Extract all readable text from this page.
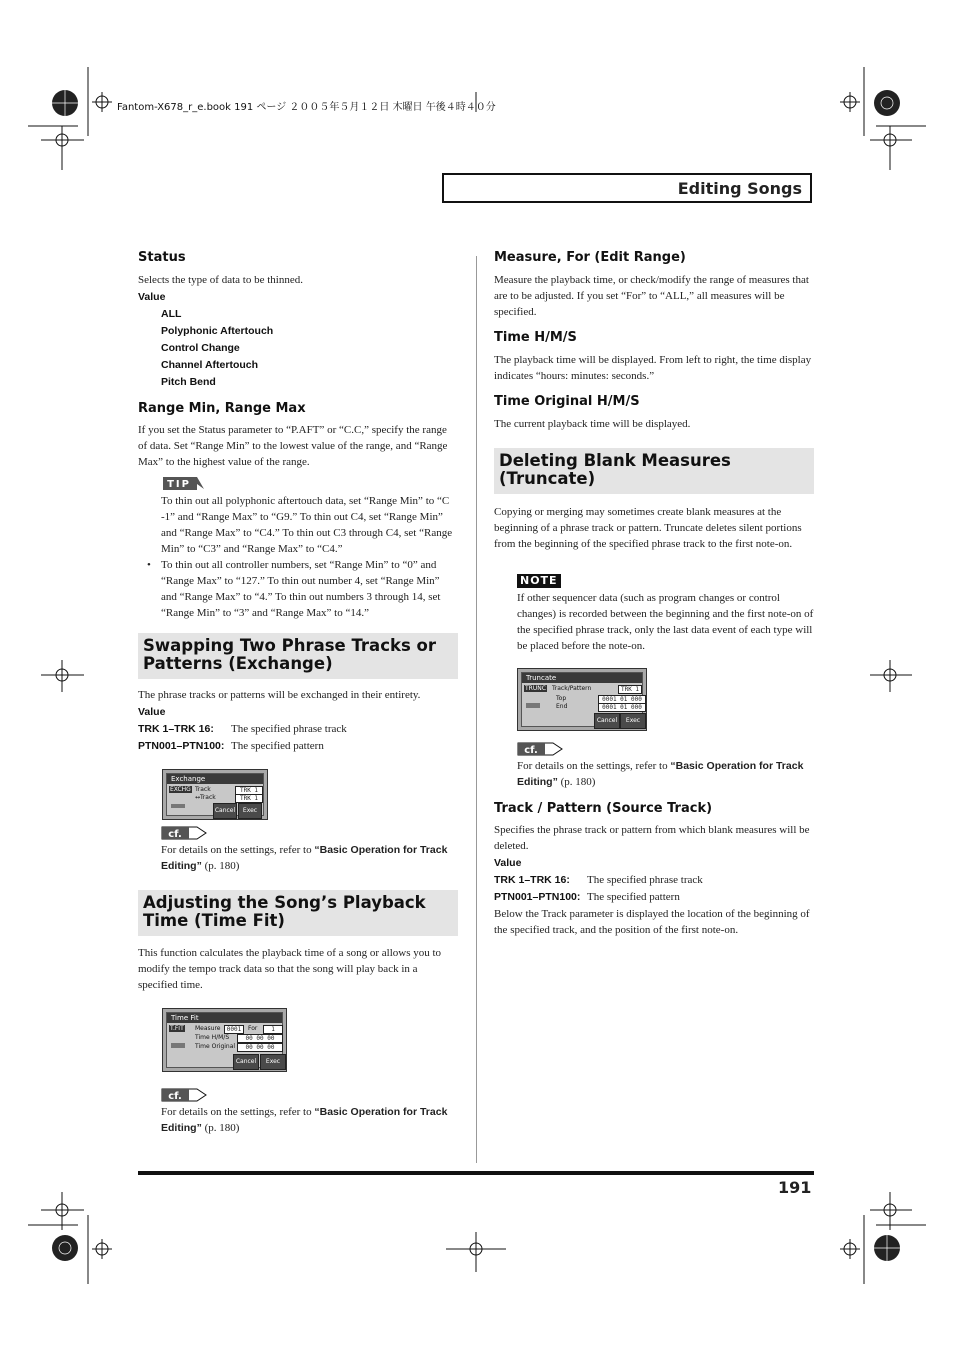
Fantom-X678_r_e.book 191 ページ ２００５年５月１２日 木曜日 午後４時４０分
Editing Songs
Status
Selects the type of data to be thinned.
Value
ALL
Polyphonic Aftertouch
Control Change
Channel Aftertouch
Pitch Bend
Range Min, Range Max
If you set the Status parameter to “P.AFT” or “C.C,” specify the range of data. Set “Range Min” to the lowest value of the range, and “Range Max” to the highest value of the range.
TIP
To thin out all polyphonic aftertouch data, set “Range Min” to “C -1” and “Range Max” to “G9.” To thin out C4, set “Range Min” and “Range Max” to “C4.” To thin out C3 through C4, set “Range Min” to “C3” and “Range Max” to “C4.”
• To thin out all controller numbers, set “Range Min” to “0” and “Range Max” to “127.” To thin out number 4, set “Range Min” and “Range Max” to “4.” To thin out numbers 3 through 14, set “Range Min” to “3” and “Range Max” to “14.”
Swapping Two Phrase Tracks or Patterns (Exchange)
The phrase tracks or patterns will be exchanged in their entirety.
Value
TRK 1–TRK 16: The specified phrase track
PTN001–PTN100: The specified pattern
Exchange
EXCHG Track
↔Track
TRK 1
TRK 1
Cancel	Exec
cf.
For details on the settings, refer to “Basic Operation for Track Editing” (p. 180)
Adjusting the Song’s Playback Time (Time Fit)
This function calculates the playback time of a song or allows you to modify the tempo track data so that the song will play back in a specified time.
Time Fit
T.FIT Measure	0001	For	1
Time H/M/S
Time Original
00 00 00
00 00 00
Cancel	Exec
cf.
For details on the settings, refer to “Basic Operation for Track Editing” (p. 180)
Measure, For (Edit Range)
Measure the playback time, or check/modify the range of measures that are to be adjusted. If you set “For” to “ALL,” all measures will be specified.
Time H/M/S
The playback time will be displayed. From left to right, the time display indicates “hours: minutes: seconds.”
Time Original H/M/S
The current playback time will be displayed.
Deleting Blank Measures (Truncate)
Copying or merging may sometimes create blank measures at the beginning of a phrase track or pattern. Truncate deletes silent portions from the beginning of the specified phrase track to the first note-on.
NOTE
If other sequencer data (such as program changes or control changes) is recorded between the beginning and the first note-on of the specified phrase track, only the last data event of each type will be placed before the note-on.
Truncate
TRUNC Track/Pattern	TRK 1
Top
End
0001 01 000
0001 01 000
Cancel	Exec
cf.
For details on the settings, refer to “Basic Operation for Track Editing” (p. 180)
Track / Pattern (Source Track)
Specifies the phrase track or pattern from which blank measures will be deleted.
Value
TRK 1–TRK 16: The specified phrase track
PTN001–PTN100: The specified pattern
Below the Track parameter is displayed the location of the beginning of the specified track, and the position of the first note-on.
191
